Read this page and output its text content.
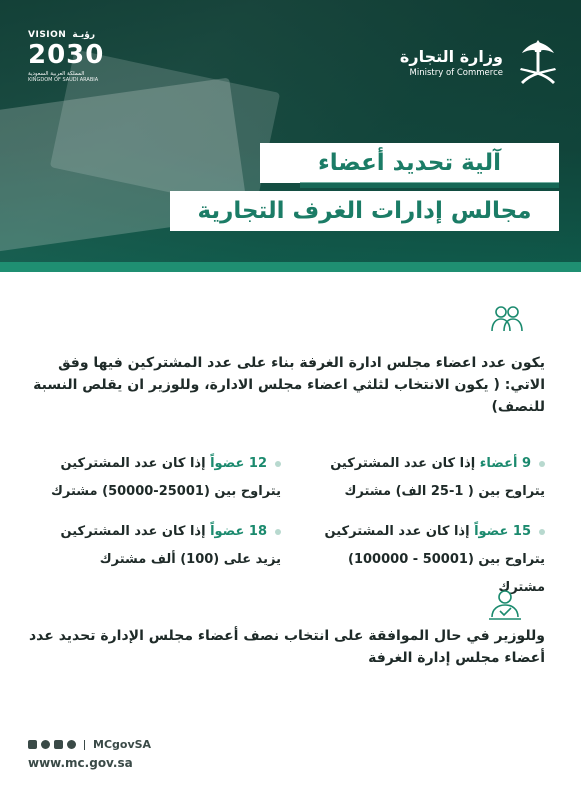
VISION رؤيـة
2030
المملكة العربية السعودية
KINGDOM OF SAUDI ARABIA
وزارة التجارة
Ministry of Commerce
آلية تحديد أعضاء
مجالس إدارات الغرف التجارية
يكون عدد اعضاء مجلس ادارة الغرفة بناء على عدد المشتركين فيها وفق الاتي: ( يكون الانتخاب لثلثي اعضاء مجلس الادارة، وللوزير ان يقلص النسبة للنصف)
9 أعضاء إذا كان عدد المشتركين
يتراوح بين ( 1-25 الف) مشترك
12 عضواً إذا كان عدد المشتركين
يتراوح بين (25001-50000) مشترك
15 عضواً إذا كان عدد المشتركين
يتراوح بين (50001 - 100000) مشترك
18 عضواً إذا كان عدد المشتركين
يزيد على (100) ألف مشترك
وللوزير في حال الموافقة على انتخاب نصف أعضاء مجلس الإدارة تحديد عدد أعضاء مجلس إدارة الغرفة
MCgovSA
www.mc.gov.sa
